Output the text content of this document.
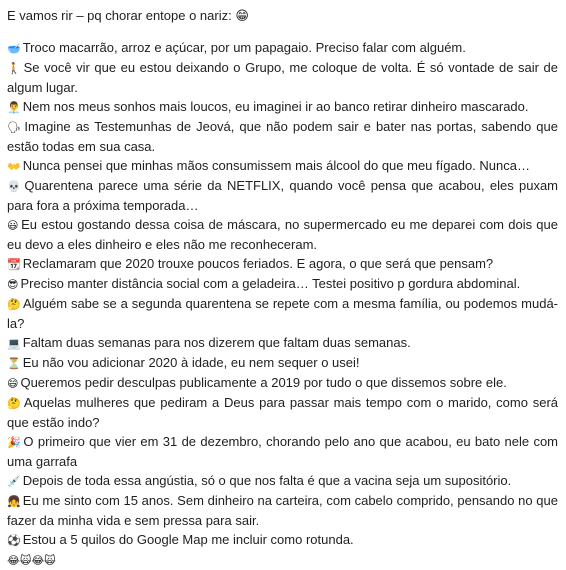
E vamos rir – pq chorar entope o nariz: 😁
🥣 Troco macarrão, arroz e açúcar, por um papagaio. Preciso falar com alguém.
🚶 Se você vir que eu estou deixando o Grupo, me coloque de volta. É só vontade de sair de algum lugar.
👨‍💼 Nem nos meus sonhos mais loucos, eu imaginei ir ao banco retirar dinheiro mascarado.
🗣 Imagine as Testemunhas de Jeová, que não podem sair e bater nas portas, sabendo que estão todas em sua casa.
👐 Nunca pensei que minhas mãos consumissem mais álcool do que meu fígado. Nunca…
💀 Quarentena parece uma série da NETFLIX, quando você pensa que acabou, eles puxam para fora a próxima temporada…
😃 Eu estou gostando dessa coisa de máscara, no supermercado eu me deparei com dois que eu devo a eles dinheiro e eles não me reconheceram.
📆 Reclamaram que 2020 trouxe poucos feriados. E agora, o que será que pensam?
😎 Preciso manter distância social com a geladeira… Testei positivo p gordura abdominal.
🤔 Alguém sabe se a segunda quarentena se repete com a mesma família, ou podemos mudá-la?
💻 Faltam duas semanas para nos dizerem que faltam duas semanas.
⏳ Eu não vou adicionar 2020 à idade, eu nem sequer o usei!
😄 Queremos pedir desculpas publicamente a 2019 por tudo o que dissemos sobre ele.
🤔 Aquelas mulheres que pediram a Deus para passar mais tempo com o marido, como será que estão indo?
🎉 O primeiro que vier em 31 de dezembro, chorando pelo ano que acabou, eu bato nele com uma garrafa
💉 Depois de toda essa angústia, só o que nos falta é que a vacina seja um supositório.
👧 Eu me sinto com 15 anos. Sem dinheiro na carteira, com cabelo comprido, pensando no que fazer da minha vida e sem pressa para sair.
⚽ Estou a 5 quilos do Google Map me incluir como rotunda.
😂🙀😂🙀
